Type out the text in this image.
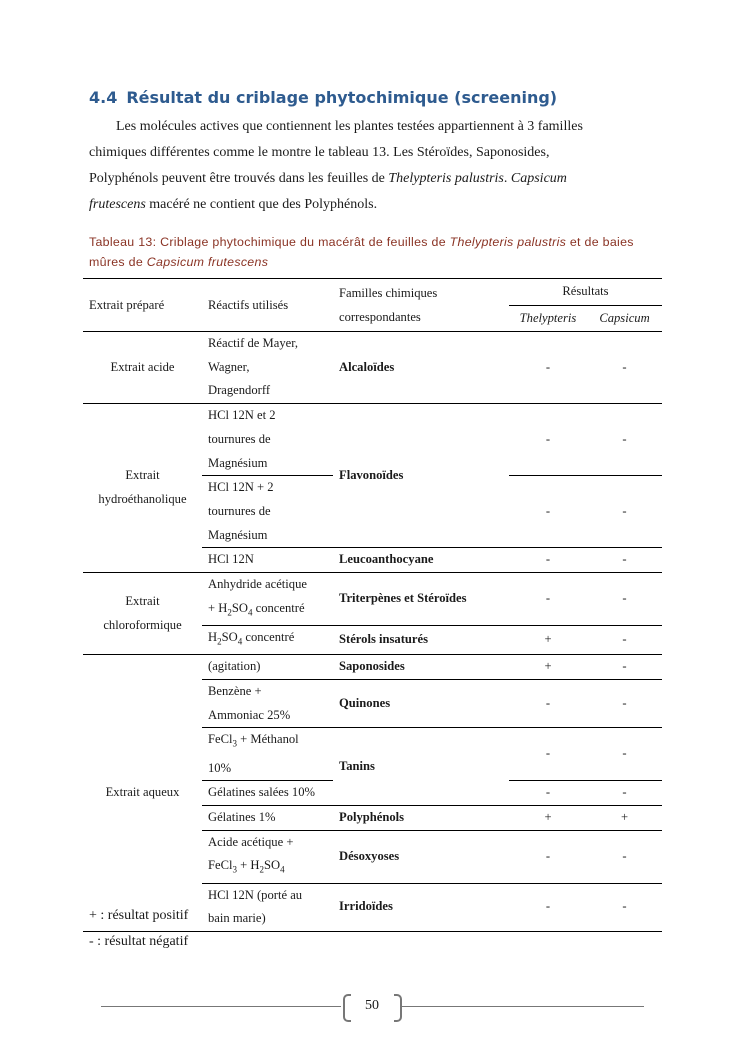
4.4 Résultat du criblage phytochimique (screening)
Les molécules actives que contiennent les plantes testées appartiennent à 3 familles
chimiques différentes comme le montre le tableau 13. Les Stéroïdes, Saponosides,
Polyphénols peuvent être trouvés dans les feuilles de Thelypteris palustris. Capsicum
frutescens macéré ne contient que des Polyphénols.
Tableau 13: Criblage phytochimique du macérât de feuilles de Thelypteris palustris et de baies mûres de Capsicum frutescens
Extrait préparé	Réactifs utilisés	Familles chimiques
correspondantes	Résultats	
			Thelypteris	Capsicum
Extrait acide	Réactif de Mayer,
Wagner,
Dragendorff	Alcaloïdes	-	-
Extrait
hydroéthanolique	HCl 12N et 2
tournures de
Magnésium	Flavonoïdes	-	-
	HCl 12N + 2
tournures de
Magnésium		-	-
	HCl 12N	Leucoanthocyane	-	-
Extrait
chloroformique	Anhydride acétique
+ $H_2SO_4$ concentré	Triterpènes et Stéroïdes	-	-
	$H_2SO_4$ concentré	Stérols insaturés	+	-
Extrait aqueux	(agitation)	Saponosides	+	-
	Benzène +
Ammoniac 25%	Quinones	-	-
	FeCl$_3$ + Méthanol
10%	Tanins	-	-
	Gélatines salées 10%		-	-
	Gélatines 1%	Polyphénols	+	+
	Acide acétique +
FeCl$_3$ + $H_2SO_4$	Désoxyoses	-	-
	HCl 12N (porté au
bain marie)	Irridoïdes	-	-
+ : résultat positif
- : résultat négatif
50
